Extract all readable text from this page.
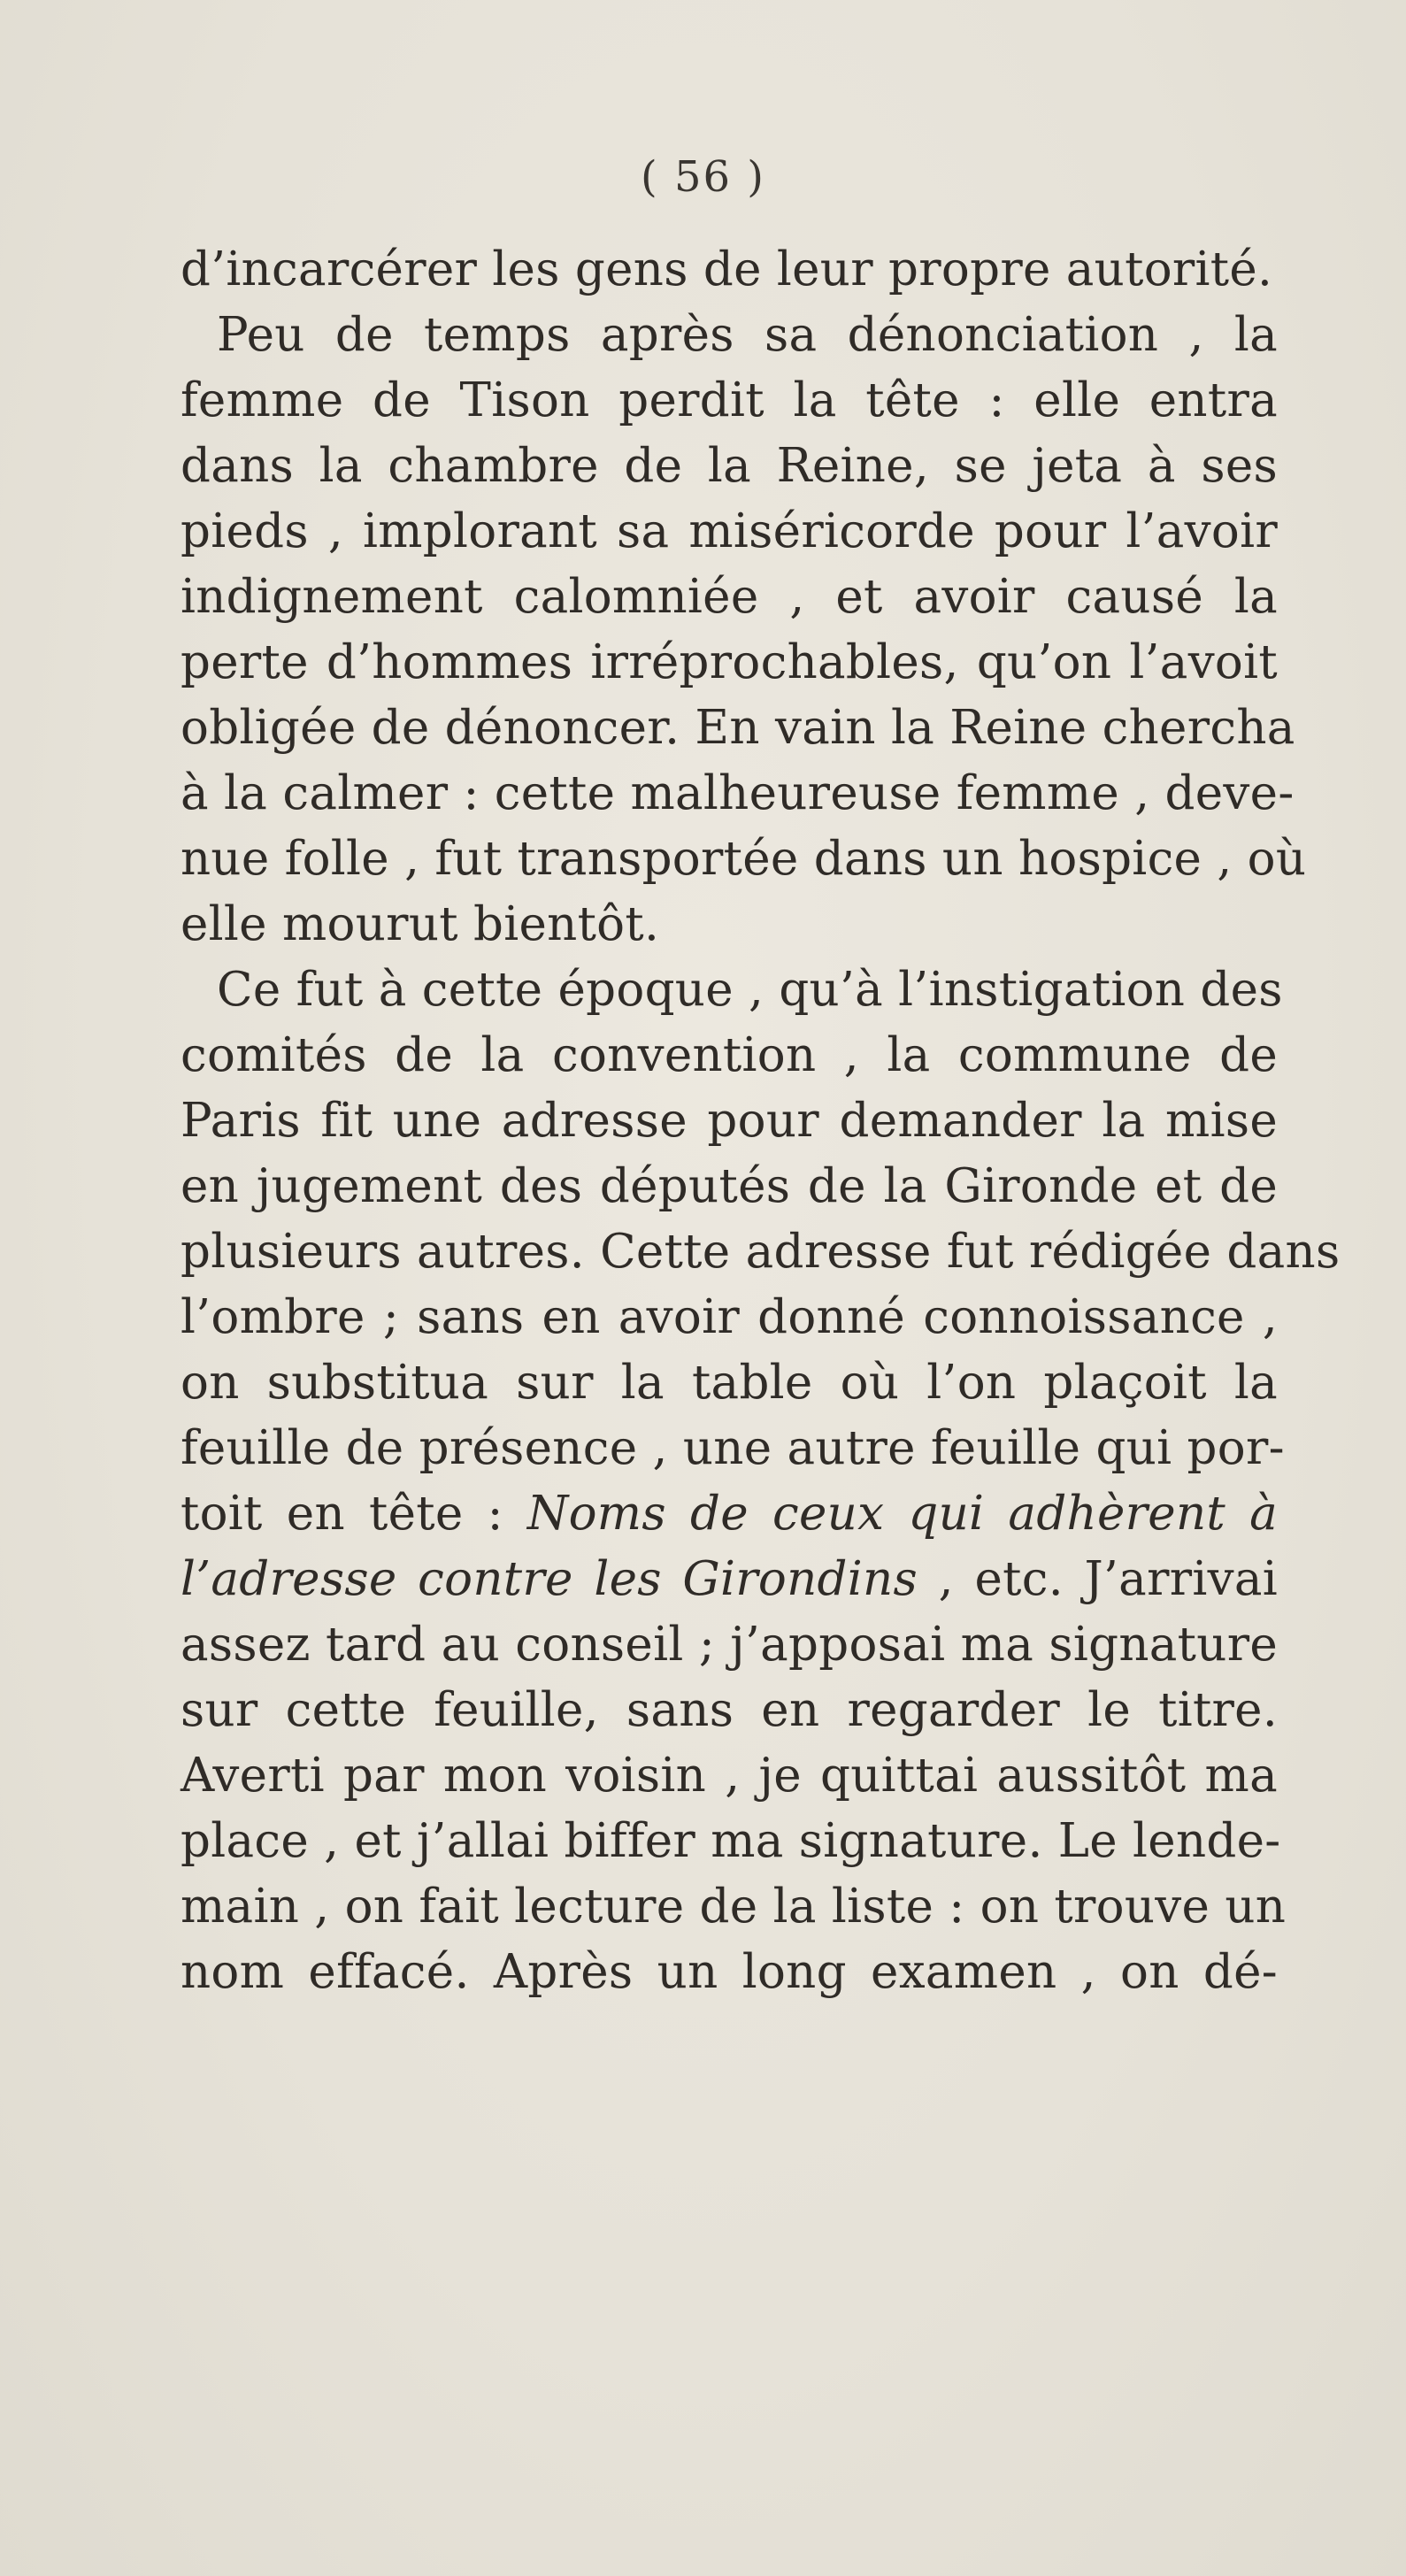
( 56 )
d’incarcérer les gens de leur propre autorité.
Peu de temps après sa dénonciation , la
femme de Tison perdit la tête : elle entra
dans la chambre de la Reine, se jeta à ses
pieds , implorant sa miséricorde pour l’avoir
indignement calomniée , et avoir causé la
perte d’hommes irréprochables, qu’on l’avoit
obligée de dénoncer. En vain la Reine chercha
à la calmer : cette malheureuse femme , deve-
nue folle , fut transportée dans un hospice , où
elle mourut bientôt.
Ce fut à cette époque , qu’à l’instigation des
comités de la convention , la commune de
Paris fit une adresse pour demander la mise
en jugement des députés de la Gironde et de
plusieurs autres. Cette adresse fut rédigée dans
l’ombre ; sans en avoir donné connoissance ,
on substitua sur la table où l’on plaçoit la
feuille de présence , une autre feuille qui por-
toit en tête : Noms de ceux qui adhèrent à
l’adresse contre les Girondins , etc. J’arrivai
assez tard au conseil ; j’apposai ma signature
sur cette feuille, sans en regarder le titre.
Averti par mon voisin , je quittai aussitôt ma
place , et j’allai biffer ma signature. Le lende-
main , on fait lecture de la liste : on trouve un
nom effacé. Après un long examen , on dé-
